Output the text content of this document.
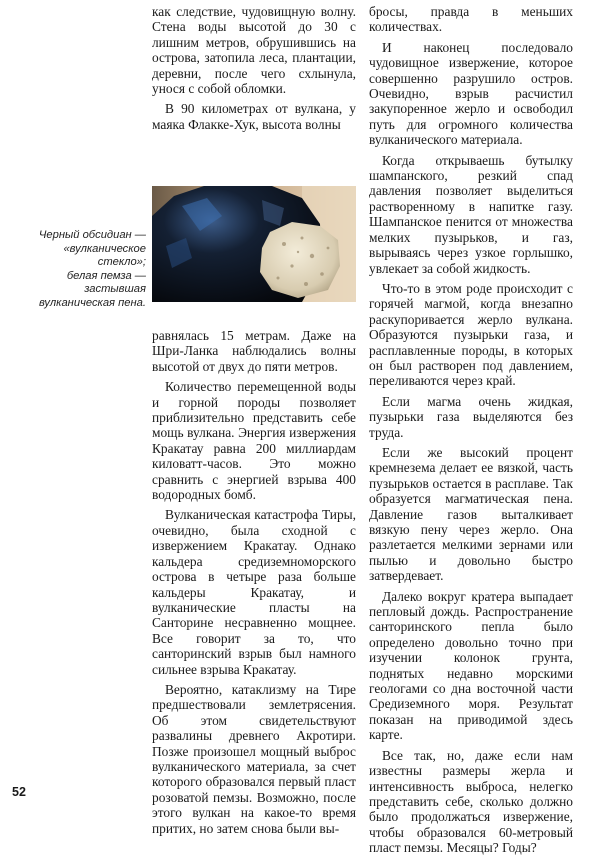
как следствие, чудовищную волну. Стена воды высотой до 30 с лишним метров, обрушившись на острова, затопила леса, плантации, деревни, после чего схлынула, унося с собой обломки.

В 90 километрах от вулкана, у маяка Флакке-Хук, высота волны

Черный обсидиан —
«вулканическое
стекло»;
белая пемза —
застывшая
вулканическая пена.

равнялась 15 метрам. Даже на Шри-Ланка наблюдались волны высотой от двух до пяти метров.

Количество перемещенной воды и горной породы позволяет приблизительно представить себе мощь вулкана. Энергия извержения Кракатау равна 200 миллиардам киловатт-часов. Это можно сравнить с энергией взрыва 400 водородных бомб.

Вулканическая катастрофа Тиры, очевидно, была сходной с извержением Кракатау. Однако кальдера средиземноморского острова в четыре раза больше кальдеры Кракатау, и вулканические пласты на Санторине несравненно мощнее. Все говорит за то, что санторинский взрыв был намного сильнее взрыва Кракатау.

Вероятно, катаклизму на Тире предшествовали землетрясения. Об этом свидетельствуют развалины древнего Акротири. Позже произошел мощный выброс вулканического материала, за счет которого образовался первый пласт розоватой пемзы. Возможно, после этого вулкан на какое-то время притих, но затем снова были вы-

бросы, правда в меньших количествах.

И наконец последовало чудовищное извержение, которое совершенно разрушило остров. Очевидно, взрыв расчистил закупоренное жерло и освободил путь для огромного количества вулканического материала.

Когда открываешь бутылку шампанского, резкий спад давления позволяет выделиться растворенному в напитке газу. Шампанское пенится от множества мелких пузырьков, и газ, вырываясь через узкое горлышко, увлекает за собой жидкость.

Что-то в этом роде происходит с горячей магмой, когда внезапно раскупоривается жерло вулкана. Образуются пузырьки газа, и расплавленные породы, в которых он был растворен под давлением, переливаются через край.

Если магма очень жидкая, пузырьки газа выделяются без труда.

Если же высокий процент кремнезема делает ее вязкой, часть пузырьков остается в расплаве. Так образуется магматическая пена. Давление газов выталкивает вязкую пену через жерло. Она разлетается мелкими зернами или пылью и довольно быстро затвердевает.

Далеко вокруг кратера выпадает пепловый дождь. Распространение санторинского пепла было определено довольно точно при изучении колонок грунта, поднятых недавно морскими геологами со дна восточной части Средиземного моря. Результат показан на приводимой здесь карте.

Все так, но, даже если нам известны размеры жерла и интенсивность выброса, нелегко представить себе, сколько должно было продолжаться извержение, чтобы образовался 60-метровый пласт пемзы. Месяцы? Годы?

52
